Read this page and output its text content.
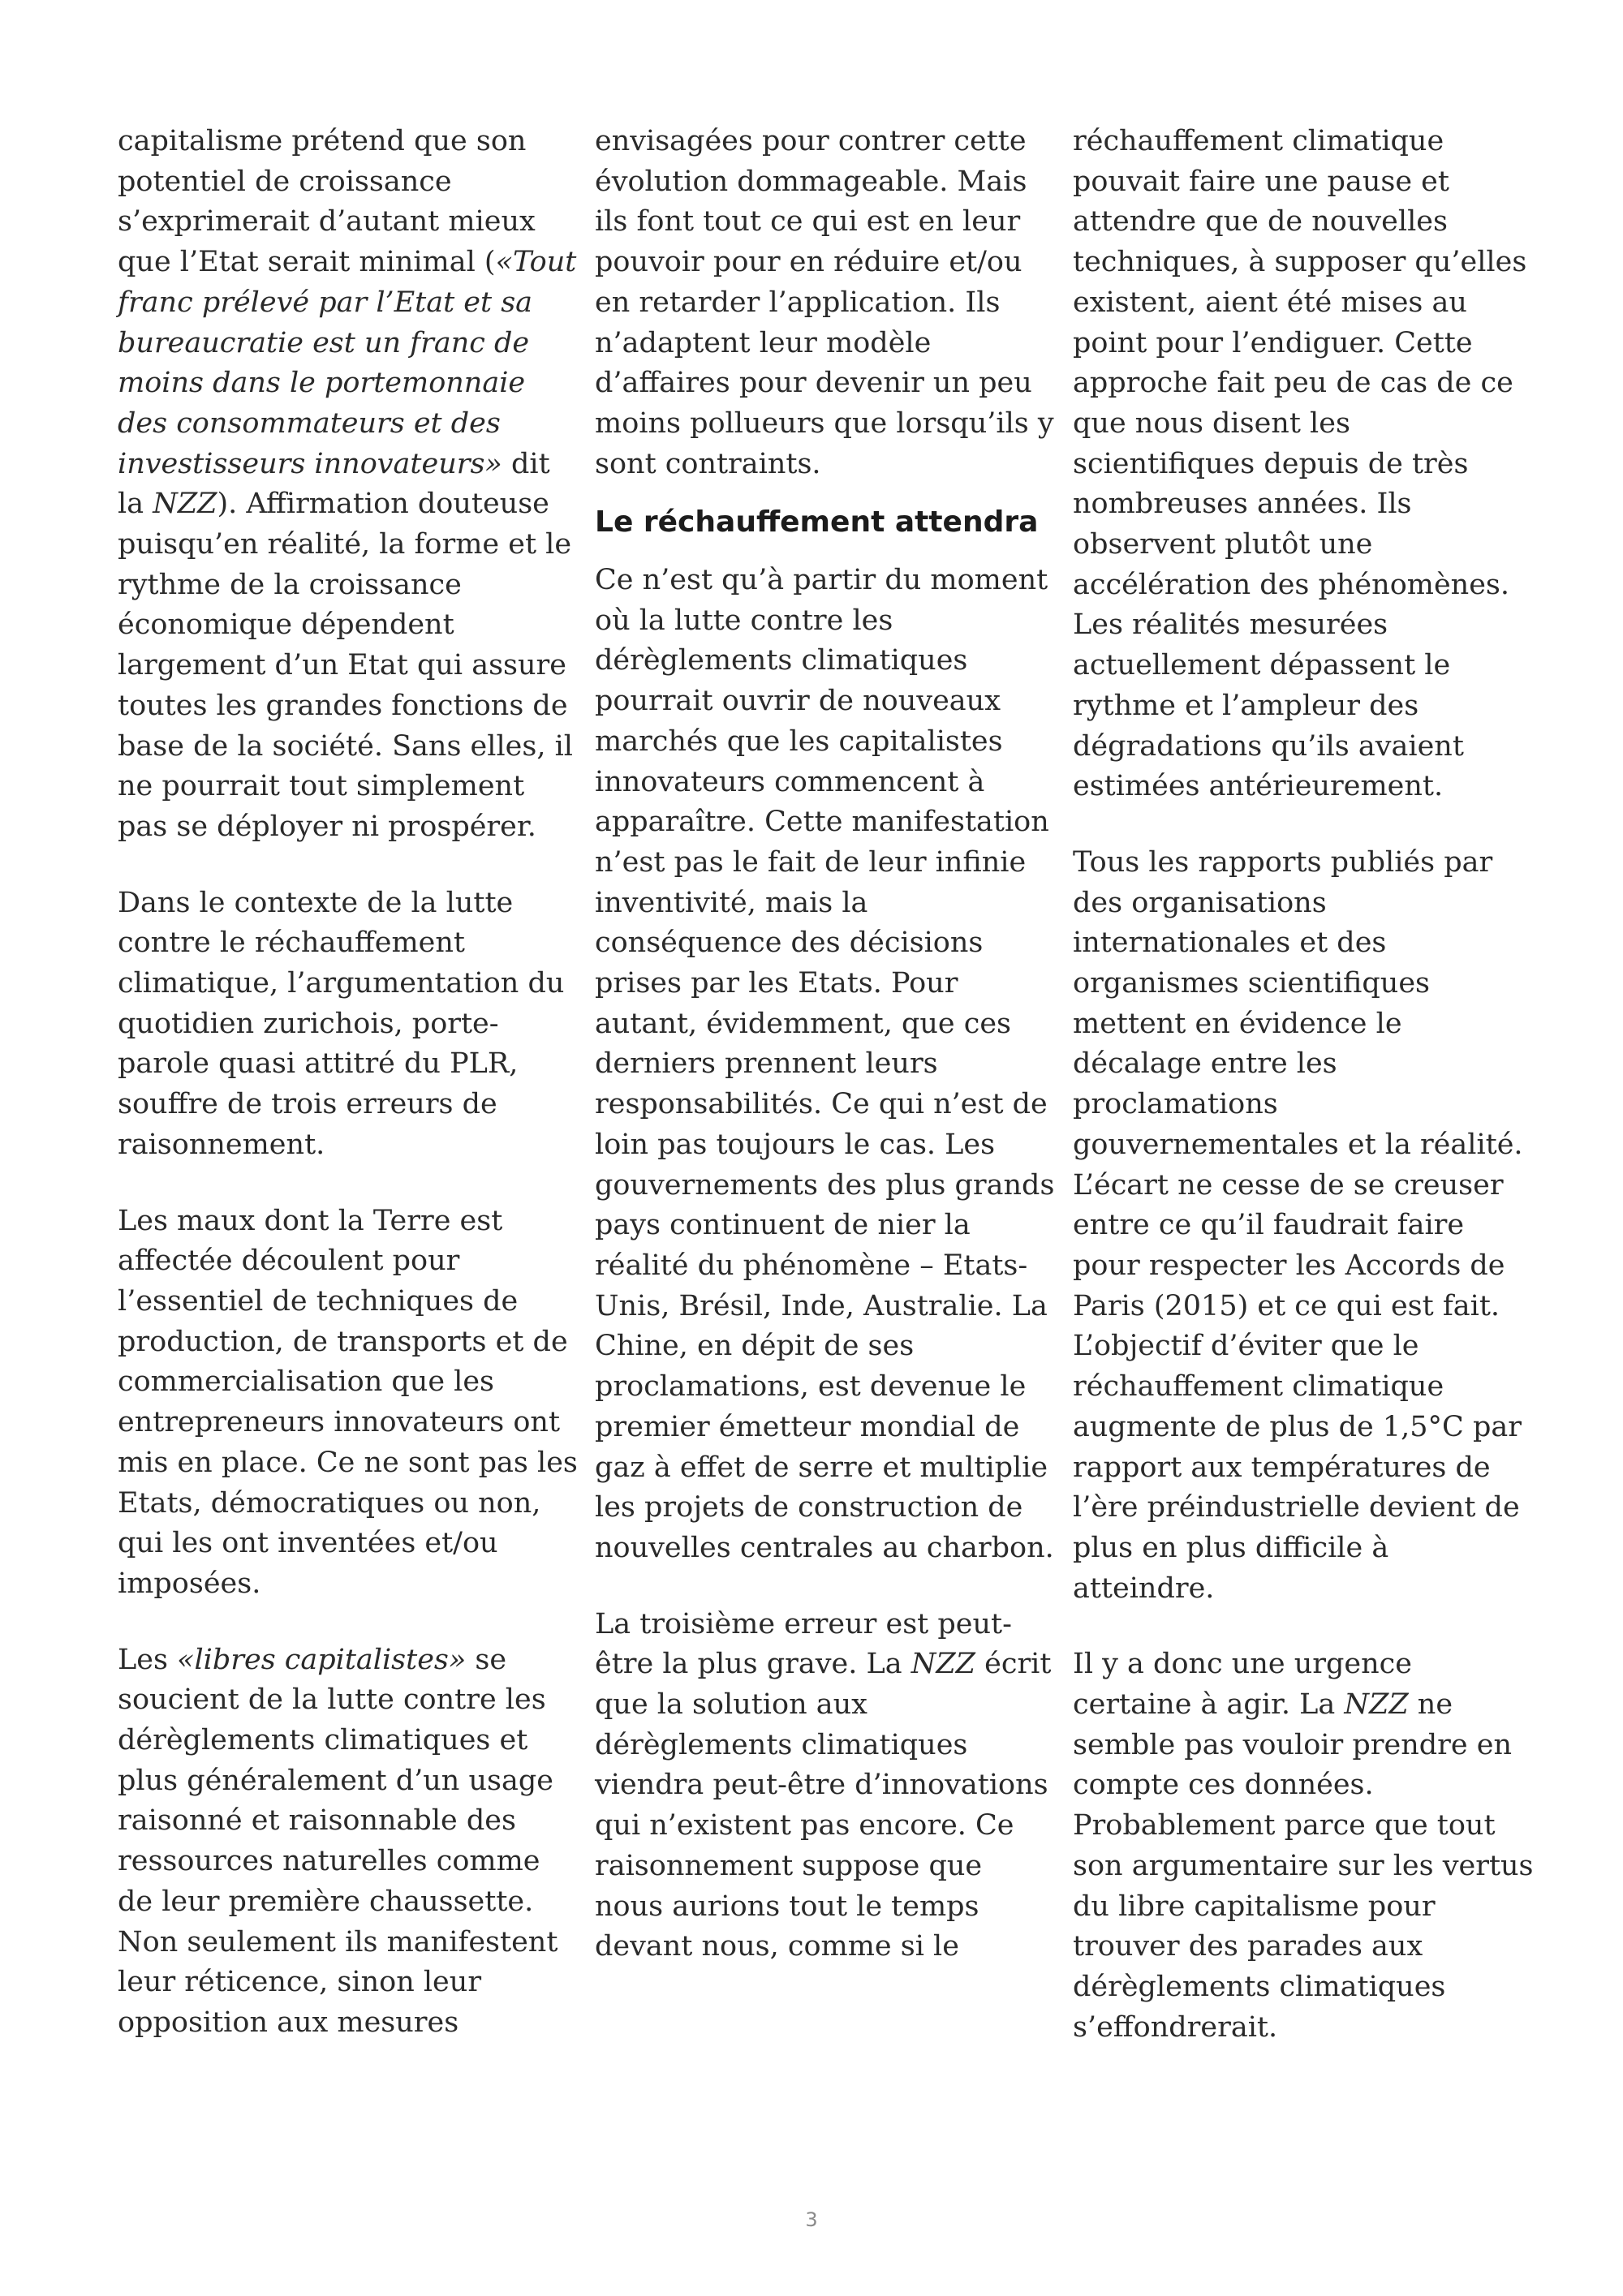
capitalisme prétend que son
potentiel de croissance
s’exprimerait d’autant mieux
que l’Etat serait minimal («Tout
franc prélevé par l’Etat et sa
bureaucratie est un franc de
moins dans le portemonnaie
des consommateurs et des
investisseurs innovateurs» dit
la NZZ). Affirmation douteuse
puisqu’en réalité, la forme et le
rythme de la croissance
économique dépendent
largement d’un Etat qui assure
toutes les grandes fonctions de
base de la société. Sans elles, il
ne pourrait tout simplement
pas se déployer ni prospérer.
Dans le contexte de la lutte
contre le réchauffement
climatique, l’argumentation du
quotidien zurichois, porte-
parole quasi attitré du PLR,
souffre de trois erreurs de
raisonnement.
Les maux dont la Terre est
affectée découlent pour
l’essentiel de techniques de
production, de transports et de
commercialisation que les
entrepreneurs innovateurs ont
mis en place. Ce ne sont pas les
Etats, démocratiques ou non,
qui les ont inventées et/ou
imposées.
Les «libres capitalistes» se
soucient de la lutte contre les
dérèglements climatiques et
plus généralement d’un usage
raisonné et raisonnable des
ressources naturelles comme
de leur première chaussette.
Non seulement ils manifestent
leur réticence, sinon leur
opposition aux mesures
envisagées pour contrer cette
évolution dommageable. Mais
ils font tout ce qui est en leur
pouvoir pour en réduire et/ou
en retarder l’application. Ils
n’adaptent leur modèle
d’affaires pour devenir un peu
moins pollueurs que lorsqu’ils y
sont contraints.
Le réchauffement attendra
Ce n’est qu’à partir du moment
où la lutte contre les
dérèglements climatiques
pourrait ouvrir de nouveaux
marchés que les capitalistes
innovateurs commencent à
apparaître. Cette manifestation
n’est pas le fait de leur infinie
inventivité, mais la
conséquence des décisions
prises par les Etats. Pour
autant, évidemment, que ces
derniers prennent leurs
responsabilités. Ce qui n’est de
loin pas toujours le cas. Les
gouvernements des plus grands
pays continuent de nier la
réalité du phénomène – Etats-
Unis, Brésil, Inde, Australie. La
Chine, en dépit de ses
proclamations, est devenue le
premier émetteur mondial de
gaz à effet de serre et multiplie
les projets de construction de
nouvelles centrales au charbon.
La troisième erreur est peut-
être la plus grave. La NZZ écrit
que la solution aux
dérèglements climatiques
viendra peut-être d’innovations
qui n’existent pas encore. Ce
raisonnement suppose que
nous aurions tout le temps
devant nous, comme si le
réchauffement climatique
pouvait faire une pause et
attendre que de nouvelles
techniques, à supposer qu’elles
existent, aient été mises au
point pour l’endiguer. Cette
approche fait peu de cas de ce
que nous disent les
scientifiques depuis de très
nombreuses années. Ils
observent plutôt une
accélération des phénomènes.
Les réalités mesurées
actuellement dépassent le
rythme et l’ampleur des
dégradations qu’ils avaient
estimées antérieurement.
Tous les rapports publiés par
des organisations
internationales et des
organismes scientifiques
mettent en évidence le
décalage entre les
proclamations
gouvernementales et la réalité.
L’écart ne cesse de se creuser
entre ce qu’il faudrait faire
pour respecter les Accords de
Paris (2015) et ce qui est fait.
L’objectif d’éviter que le
réchauffement climatique
augmente de plus de 1,5°C par
rapport aux températures de
l’ère préindustrielle devient de
plus en plus difficile à
atteindre.
Il y a donc une urgence
certaine à agir. La NZZ ne
semble pas vouloir prendre en
compte ces données.
Probablement parce que tout
son argumentaire sur les vertus
du libre capitalisme pour
trouver des parades aux
dérèglements climatiques
s’effondrerait.
3
